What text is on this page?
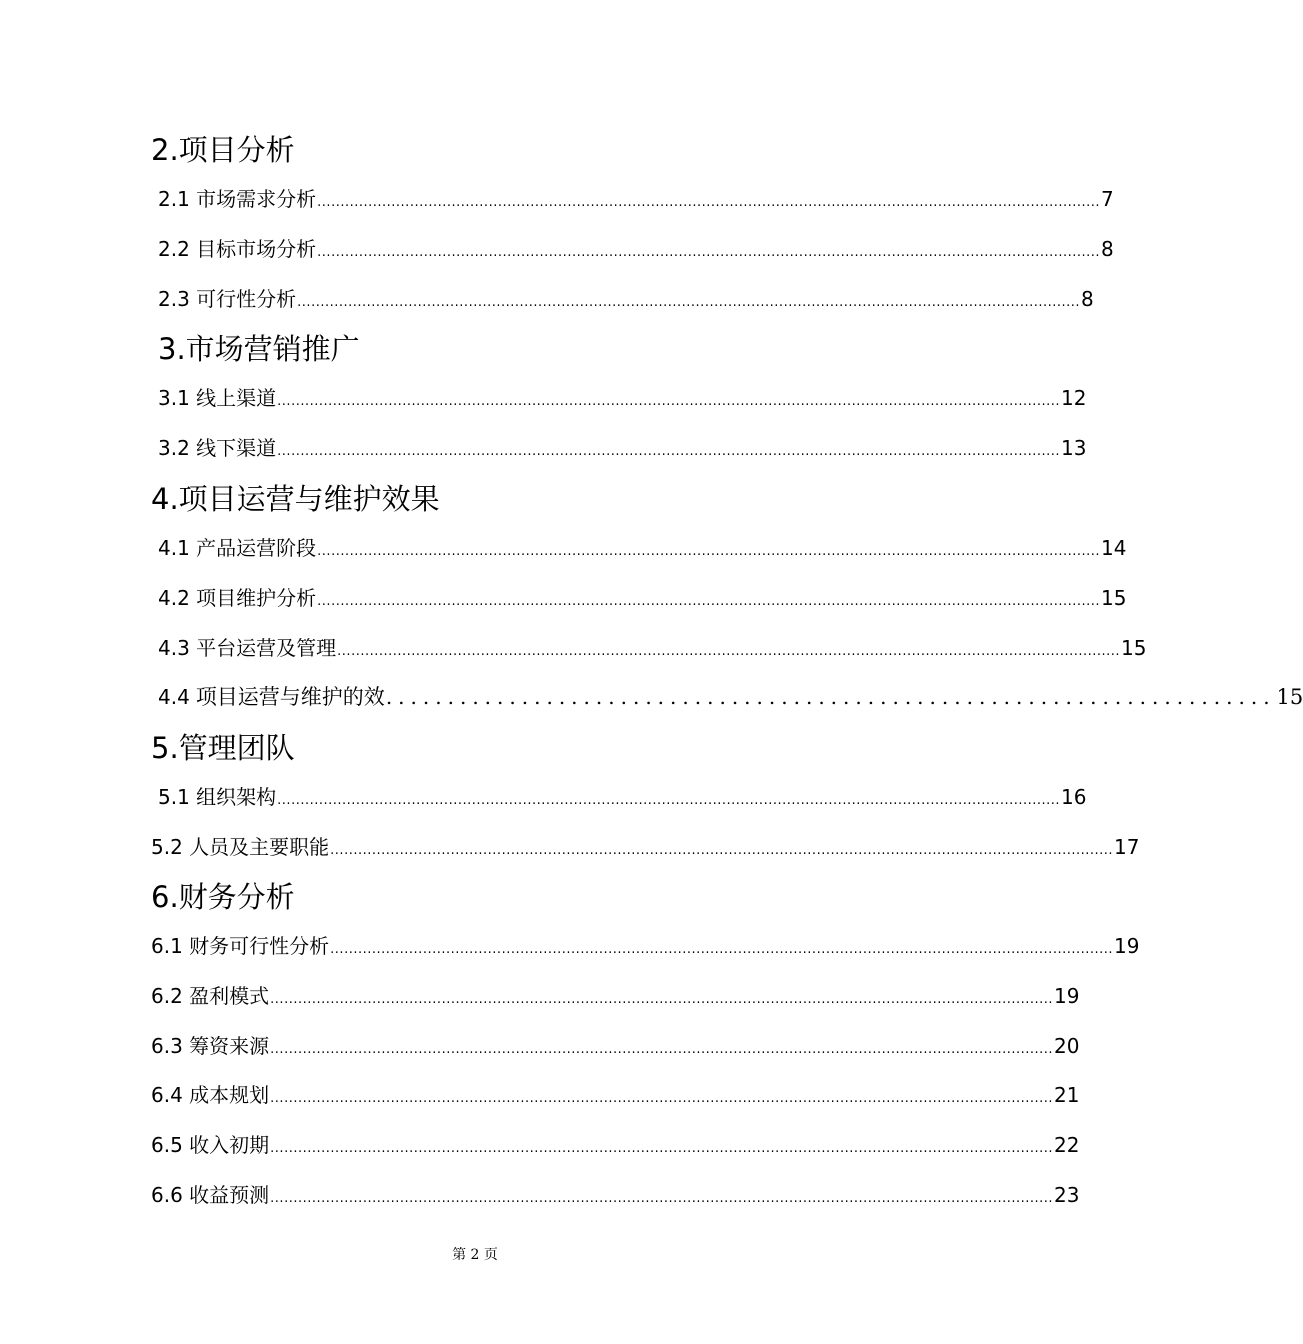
2.项目分析
2.1 市场需求分析 ......................................................................................................................................................................... 7
2.2 目标市场分析 ......................................................................................................................................................................... 8
2.3 可行性分析 ......................................................................................................................................................................... 8
3.市场营销推广
3.1 线上渠道 ......................................................................................................................................................................... 12
3.2 线下渠道 ......................................................................................................................................................................... 13
4.项目运营与维护效果
4.1 产品运营阶段 ......................................................................................................................................................................... 14
4.2 项目维护分析 ......................................................................................................................................................................... 15
4.3 平台运营及管理 ......................................................................................................................................................................... 15
4.4 项目运营与维护的效 ........................................................................ 15
5.管理团队
5.1 组织架构 ......................................................................................................................................................................... 16
5.2 人员及主要职能 ......................................................................................................................................................................... 17
6.财务分析
6.1 财务可行性分析 ......................................................................................................................................................................... 19
6.2 盈利模式 ......................................................................................................................................................................... 19
6.3 筹资来源 ......................................................................................................................................................................... 20
6.4 成本规划 ......................................................................................................................................................................... 21
6.5 收入初期 ......................................................................................................................................................................... 22
6.6 收益预测 ......................................................................................................................................................................... 23
第 2 页
